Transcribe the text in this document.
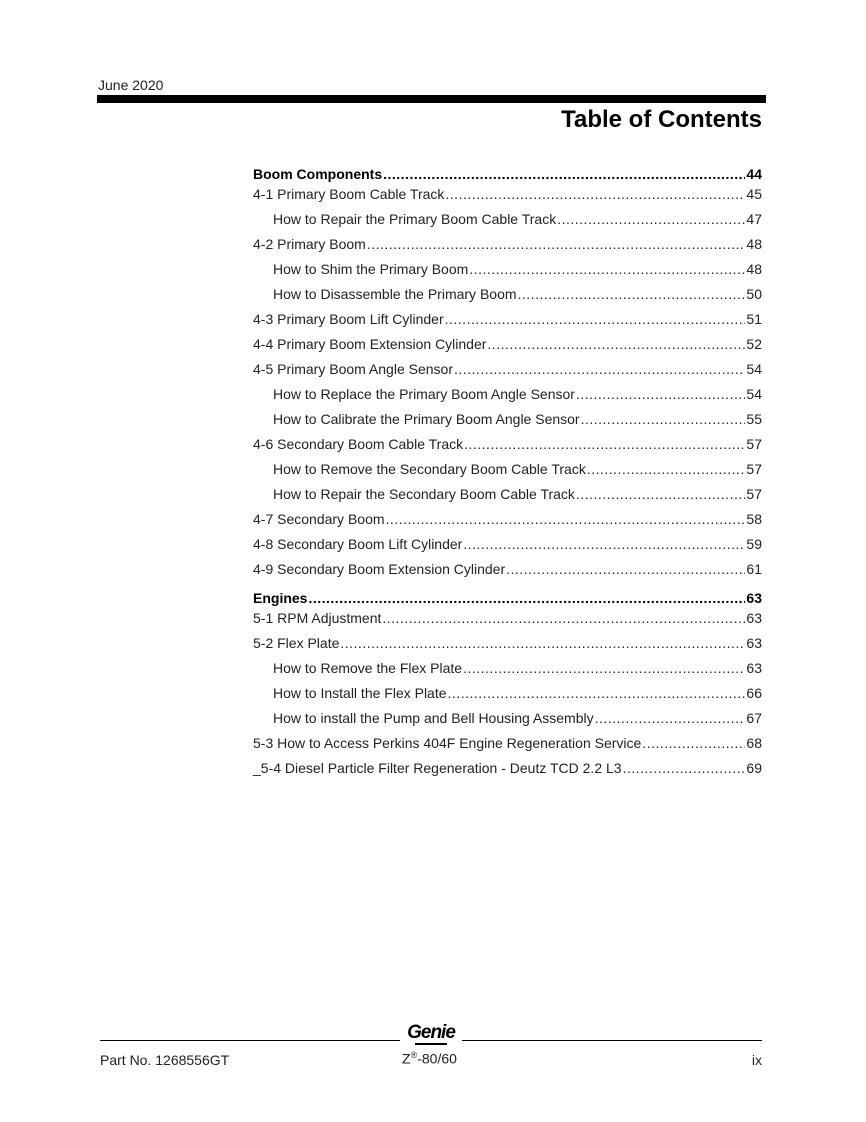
June 2020
Table of Contents
Boom Components .....	44
4-1 Primary Boom Cable Track .....	45
How to Repair the Primary Boom Cable Track .....	47
4-2 Primary Boom .....	48
How to Shim the Primary Boom .....	48
How to Disassemble the Primary Boom .....	50
4-3 Primary Boom Lift Cylinder .....	51
4-4 Primary Boom Extension Cylinder .....	52
4-5 Primary Boom Angle Sensor .....	54
How to Replace the Primary Boom Angle Sensor .....	54
How to Calibrate the Primary Boom Angle Sensor .....	55
4-6 Secondary Boom Cable Track .....	57
How to Remove the Secondary Boom Cable Track .....	57
How to Repair the Secondary Boom Cable Track .....	57
4-7 Secondary Boom .....	58
4-8 Secondary Boom Lift Cylinder .....	59
4-9 Secondary Boom Extension Cylinder .....	61
Engines .....	63
5-1 RPM Adjustment .....	63
5-2 Flex Plate .....	63
How to Remove the Flex Plate .....	63
How to Install the Flex Plate .....	66
How to install the Pump and Bell Housing Assembly .....	67
5-3 How to Access Perkins 404F Engine Regeneration Service .....	68
_5-4 Diesel Particle Filter Regeneration - Deutz TCD 2.2 L3 .....	69
Genie
Part No. 1268556GT	Z®-80/60	ix
